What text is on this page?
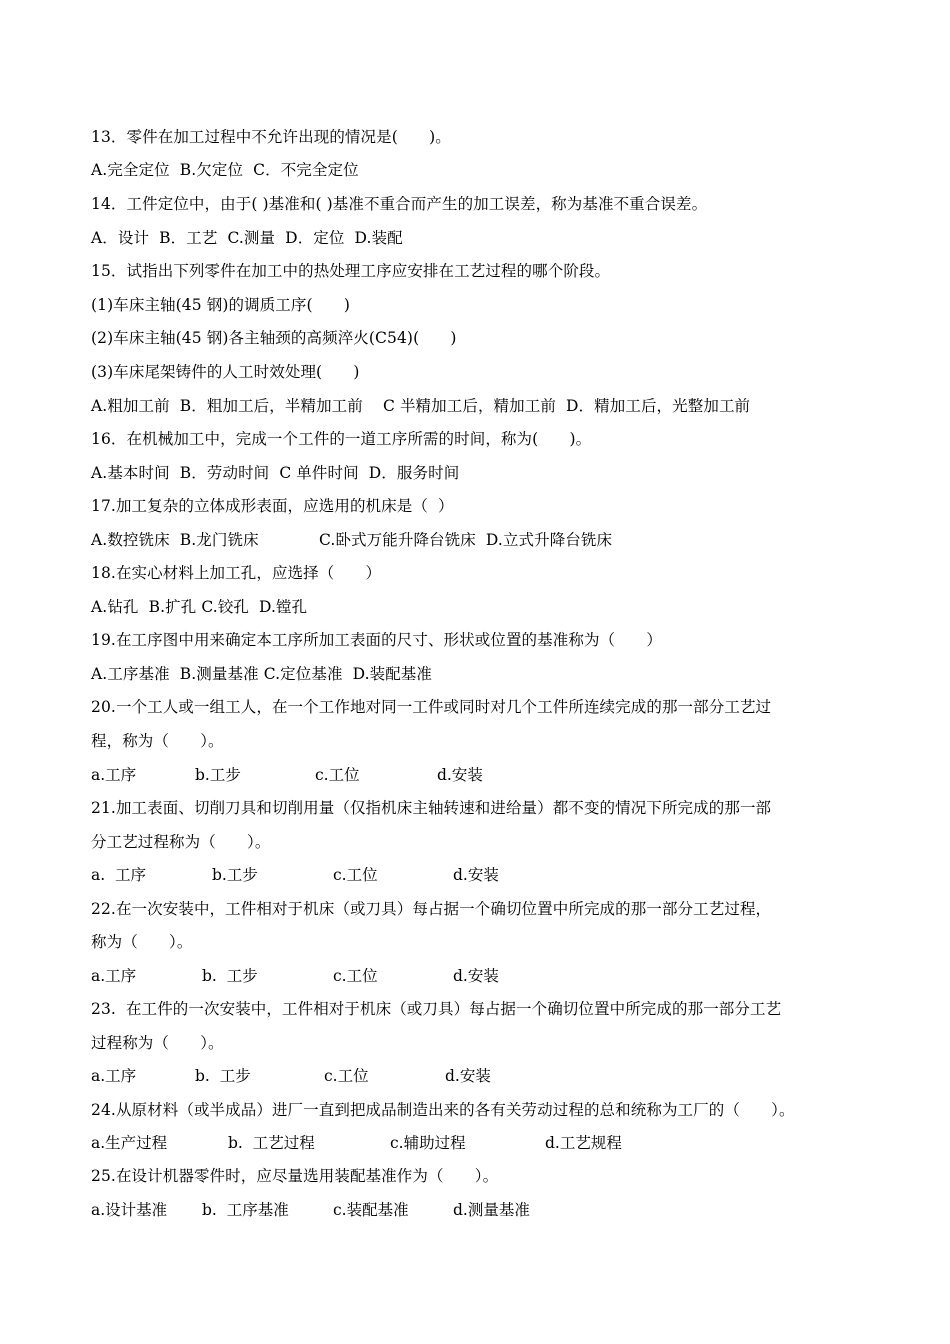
13．零件在加工过程中不允许出现的情况是(　　)。
A.完全定位  B.欠定位  C．不完全定位
14．工件定位中，由于( )基准和( )基准不重合而产生的加工误差，称为基准不重合误差。
A．设计  B．工艺  C.测量  D．定位  D.装配
15．试指出下列零件在加工中的热处理工序应安排在工艺过程的哪个阶段。
(1)车床主轴(45 钢)的调质工序(　　)
(2)车床主轴(45 钢)各主轴颈的高频淬火(C54)(　　)
(3)车床尾架铸件的人工时效处理(　　)
A.粗加工前  B．粗加工后，半精加工前    C 半精加工后，精加工前  D．精加工后，光整加工前
16．在机械加工中，完成一个工件的一道工序所需的时间，称为(　　)。
A.基本时间  B．劳动时间  C 单件时间  D．服务时间
17.加工复杂的立体成形表面，应选用的机床是（  ）
A.数控铣床  B.龙门铣床            C.卧式万能升降台铣床  D.立式升降台铣床
18.在实心材料上加工孔，应选择（　　）
A.钻孔  B.扩孔 C.铰孔  D.镗孔
19.在工序图中用来确定本工序所加工表面的尺寸、形状或位置的基准称为（　　）
A.工序基准  B.测量基准 C.定位基准  D.装配基准
20.一个工人或一组工人，在一个工作地对同一工件或同时对几个工件所连续完成的那一部分工艺过
程，称为（　　）。
a.工序	b.工步	c.工位	d.安装
21.加工表面、切削刀具和切削用量（仅指机床主轴转速和进给量）都不变的情况下所完成的那一部
分工艺过程称为（　　）。
a.  工序	b.工步	c.工位	d.安装
22.在一次安装中，工件相对于机床（或刀具）每占据一个确切位置中所完成的那一部分工艺过程，
称为（　　）。
a.工序	b.  工步	c.工位	d.安装
23.  在工件的一次安装中，工件相对于机床（或刀具）每占据一个确切位置中所完成的那一部分工艺
过程称为（　　）。
a.工序	b.  工步	c.工位	d.安装
24.从原材料（或半成品）进厂一直到把成品制造出来的各有关劳动过程的总和统称为工厂的（　　）。
a.生产过程	b.  工艺过程	c.辅助过程	d.工艺规程
25.在设计机器零件时，应尽量选用装配基准作为（　　）。
a.设计基准 b.  工序基准	c.装配基准	d.测量基准
